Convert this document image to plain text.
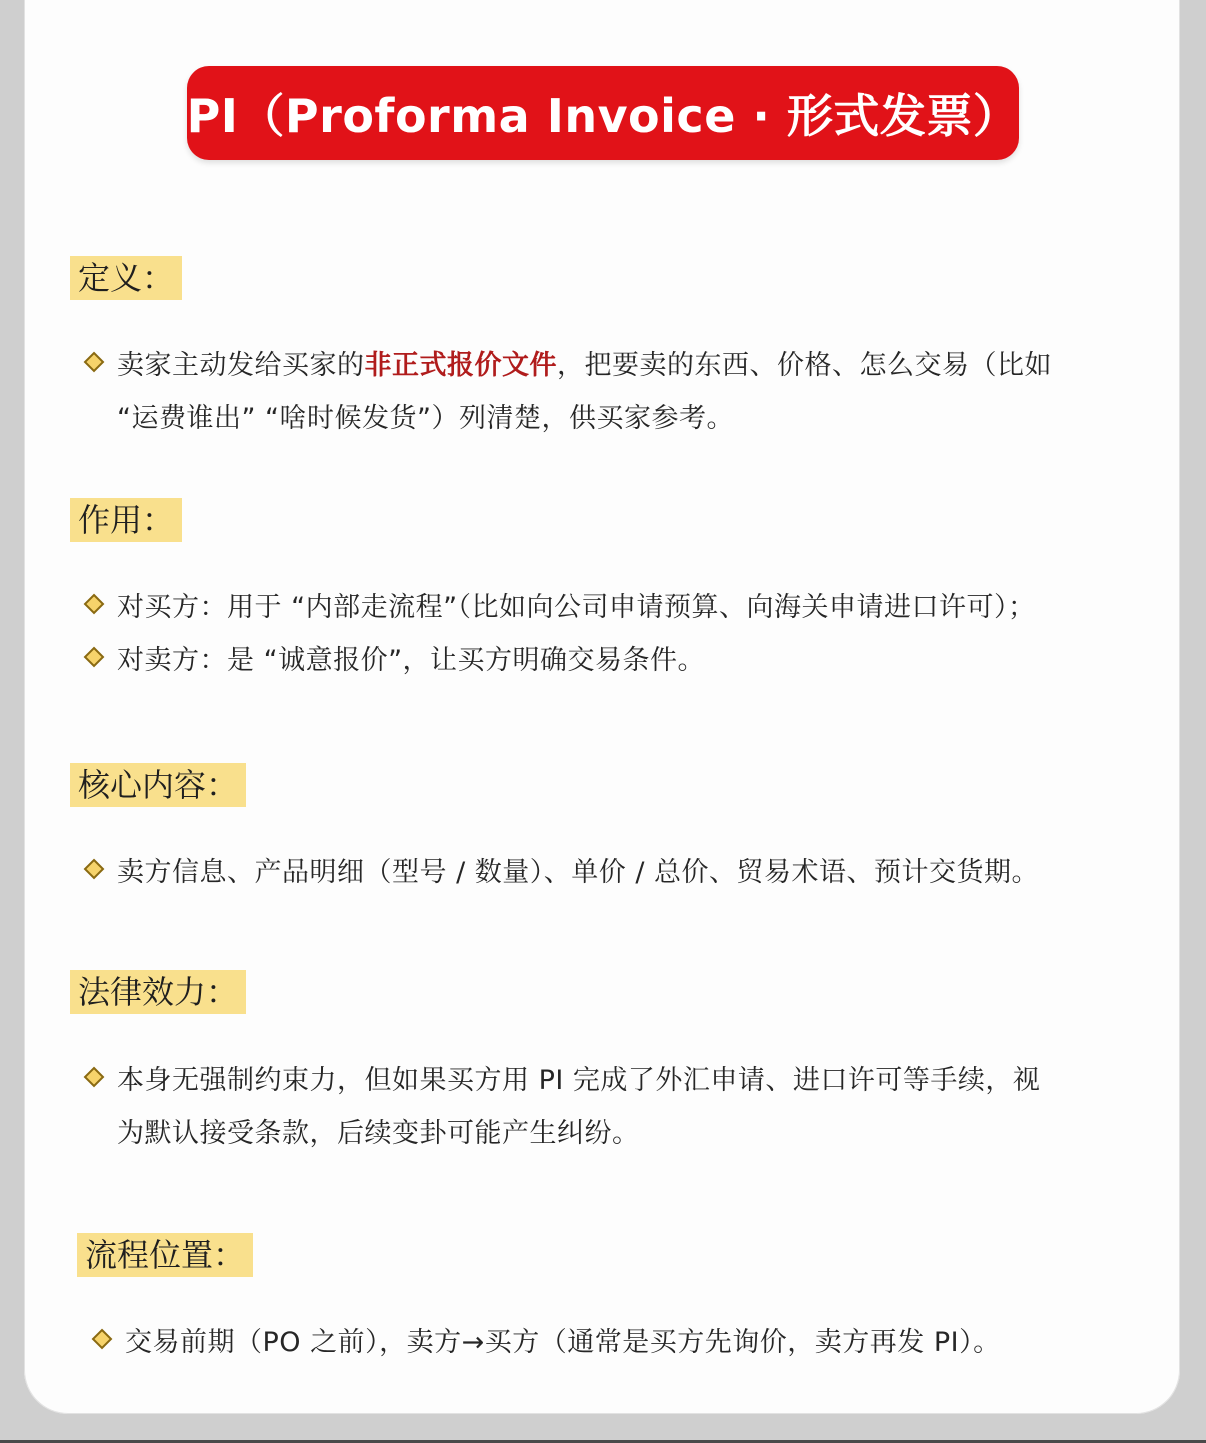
PI（Proforma Invoice · 形式发票）
定义：
卖家主动发给买家的非正式报价文件，把要卖的东西、价格、怎么交易（比如
“运费谁出” “啥时候发货”）列清楚，供买家参考。
作用：
对买方：用于 “内部走流程”（比如向公司申请预算、向海关申请进口许可）；
对卖方：是 “诚意报价”，让买方明确交易条件。
核心内容：
卖方信息、产品明细（型号 / 数量）、单价 / 总价、贸易术语、预计交货期。
法律效力：
本身无强制约束力，但如果买方用 PI 完成了外汇申请、进口许可等手续，视
为默认接受条款，后续变卦可能产生纠纷。
流程位置：
交易前期（PO 之前），卖方→买方（通常是买方先询价，卖方再发 PI）。
